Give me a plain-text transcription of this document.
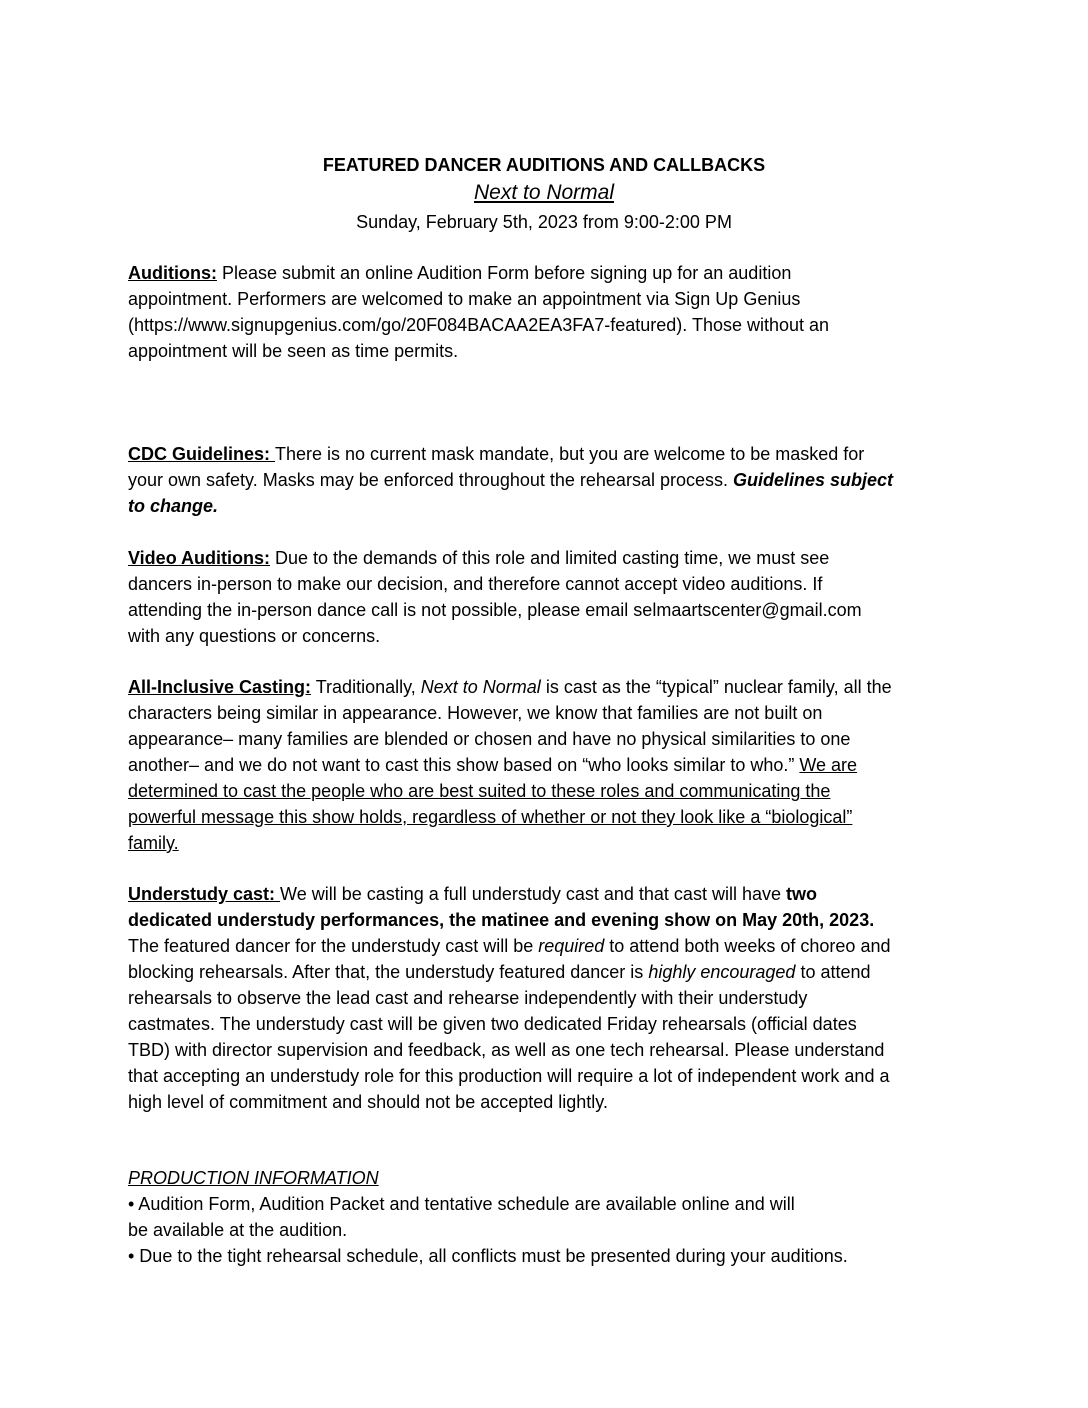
FEATURED DANCER AUDITIONS AND CALLBACKS
Next to Normal
Sunday, February 5th, 2023 from 9:00-2:00 PM
Auditions: Please submit an online Audition Form before signing up for an audition
appointment. Performers are welcomed to make an appointment via Sign Up Genius
(https://www.signupgenius.com/go/20F084BACAA2EA3FA7-featured). Those without an
appointment will be seen as time permits.
CDC Guidelines: There is no current mask mandate, but you are welcome to be masked for
your own safety. Masks may be enforced throughout the rehearsal process. Guidelines subject
to change.
Video Auditions: Due to the demands of this role and limited casting time, we must see
dancers in-person to make our decision, and therefore cannot accept video auditions. If
attending the in-person dance call is not possible, please email selmaartscenter@gmail.com
with any questions or concerns.
All-Inclusive Casting: Traditionally, Next to Normal is cast as the “typical” nuclear family, all the
characters being similar in appearance. However, we know that families are not built on
appearance– many families are blended or chosen and have no physical similarities to one
another– and we do not want to cast this show based on “who looks similar to who.” We are
determined to cast the people who are best suited to these roles and communicating the
powerful message this show holds, regardless of whether or not they look like a “biological”
family.
Understudy cast: We will be casting a full understudy cast and that cast will have two
dedicated understudy performances, the matinee and evening show on May 20th, 2023.
The featured dancer for the understudy cast will be required to attend both weeks of choreo and
blocking rehearsals. After that, the understudy featured dancer is highly encouraged to attend
rehearsals to observe the lead cast and rehearse independently with their understudy
castmates. The understudy cast will be given two dedicated Friday rehearsals (official dates
TBD) with director supervision and feedback, as well as one tech rehearsal. Please understand
that accepting an understudy role for this production will require a lot of independent work and a
high level of commitment and should not be accepted lightly.
PRODUCTION INFORMATION
• Audition Form, Audition Packet and tentative schedule are available online and will
be available at the audition.
• Due to the tight rehearsal schedule, all conflicts must be presented during your auditions.
